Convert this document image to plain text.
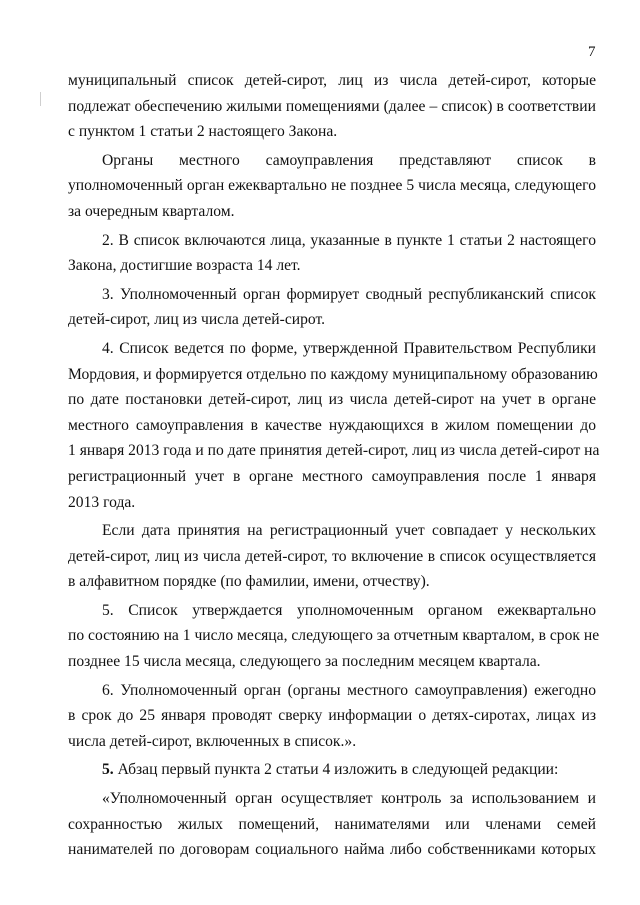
7

муниципальный список детей-сирот, лиц из числа детей-сирот, которые
подлежат обеспечению жилыми помещениями (далее – список) в соответствии
с пунктом 1 статьи 2 настоящего Закона.

Органы местного самоуправления представляют список в
уполномоченный орган ежеквартально не позднее 5 числа месяца, следующего
за очередным кварталом.

2. В список включаются лица, указанные в пункте 1 статьи 2 настоящего
Закона, достигшие возраста 14 лет.

3. Уполномоченный орган формирует сводный республиканский список
детей-сирот, лиц из числа детей-сирот.

4. Список ведется по форме, утвержденной Правительством Республики
Мордовия, и формируется отдельно по каждому муниципальному образованию
по дате постановки детей-сирот, лиц из числа детей-сирот на учет в органе
местного самоуправления в качестве нуждающихся в жилом помещении до
1 января 2013 года и по дате принятия детей-сирот, лиц из числа детей-сирот на
регистрационный учет в органе местного самоуправления после 1 января
2013 года.

Если дата принятия на регистрационный учет совпадает у нескольких
детей-сирот, лиц из числа детей-сирот, то включение в список осуществляется
в алфавитном порядке (по фамилии, имени, отчеству).

5. Список утверждается уполномоченным органом ежеквартально
по состоянию на 1 число месяца, следующего за отчетным кварталом, в срок не
позднее 15 числа месяца, следующего за последним месяцем квартала.

6. Уполномоченный орган (органы местного самоуправления) ежегодно
в срок до 25 января проводят сверку информации о детях-сиротах, лицах из
числа детей-сирот, включенных в список.».

5. Абзац первый пункта 2 статьи 4 изложить в следующей редакции:

«Уполномоченный орган осуществляет контроль за использованием и
сохранностью жилых помещений, нанимателями или членами семей
нанимателей по договорам социального найма либо собственниками которых
